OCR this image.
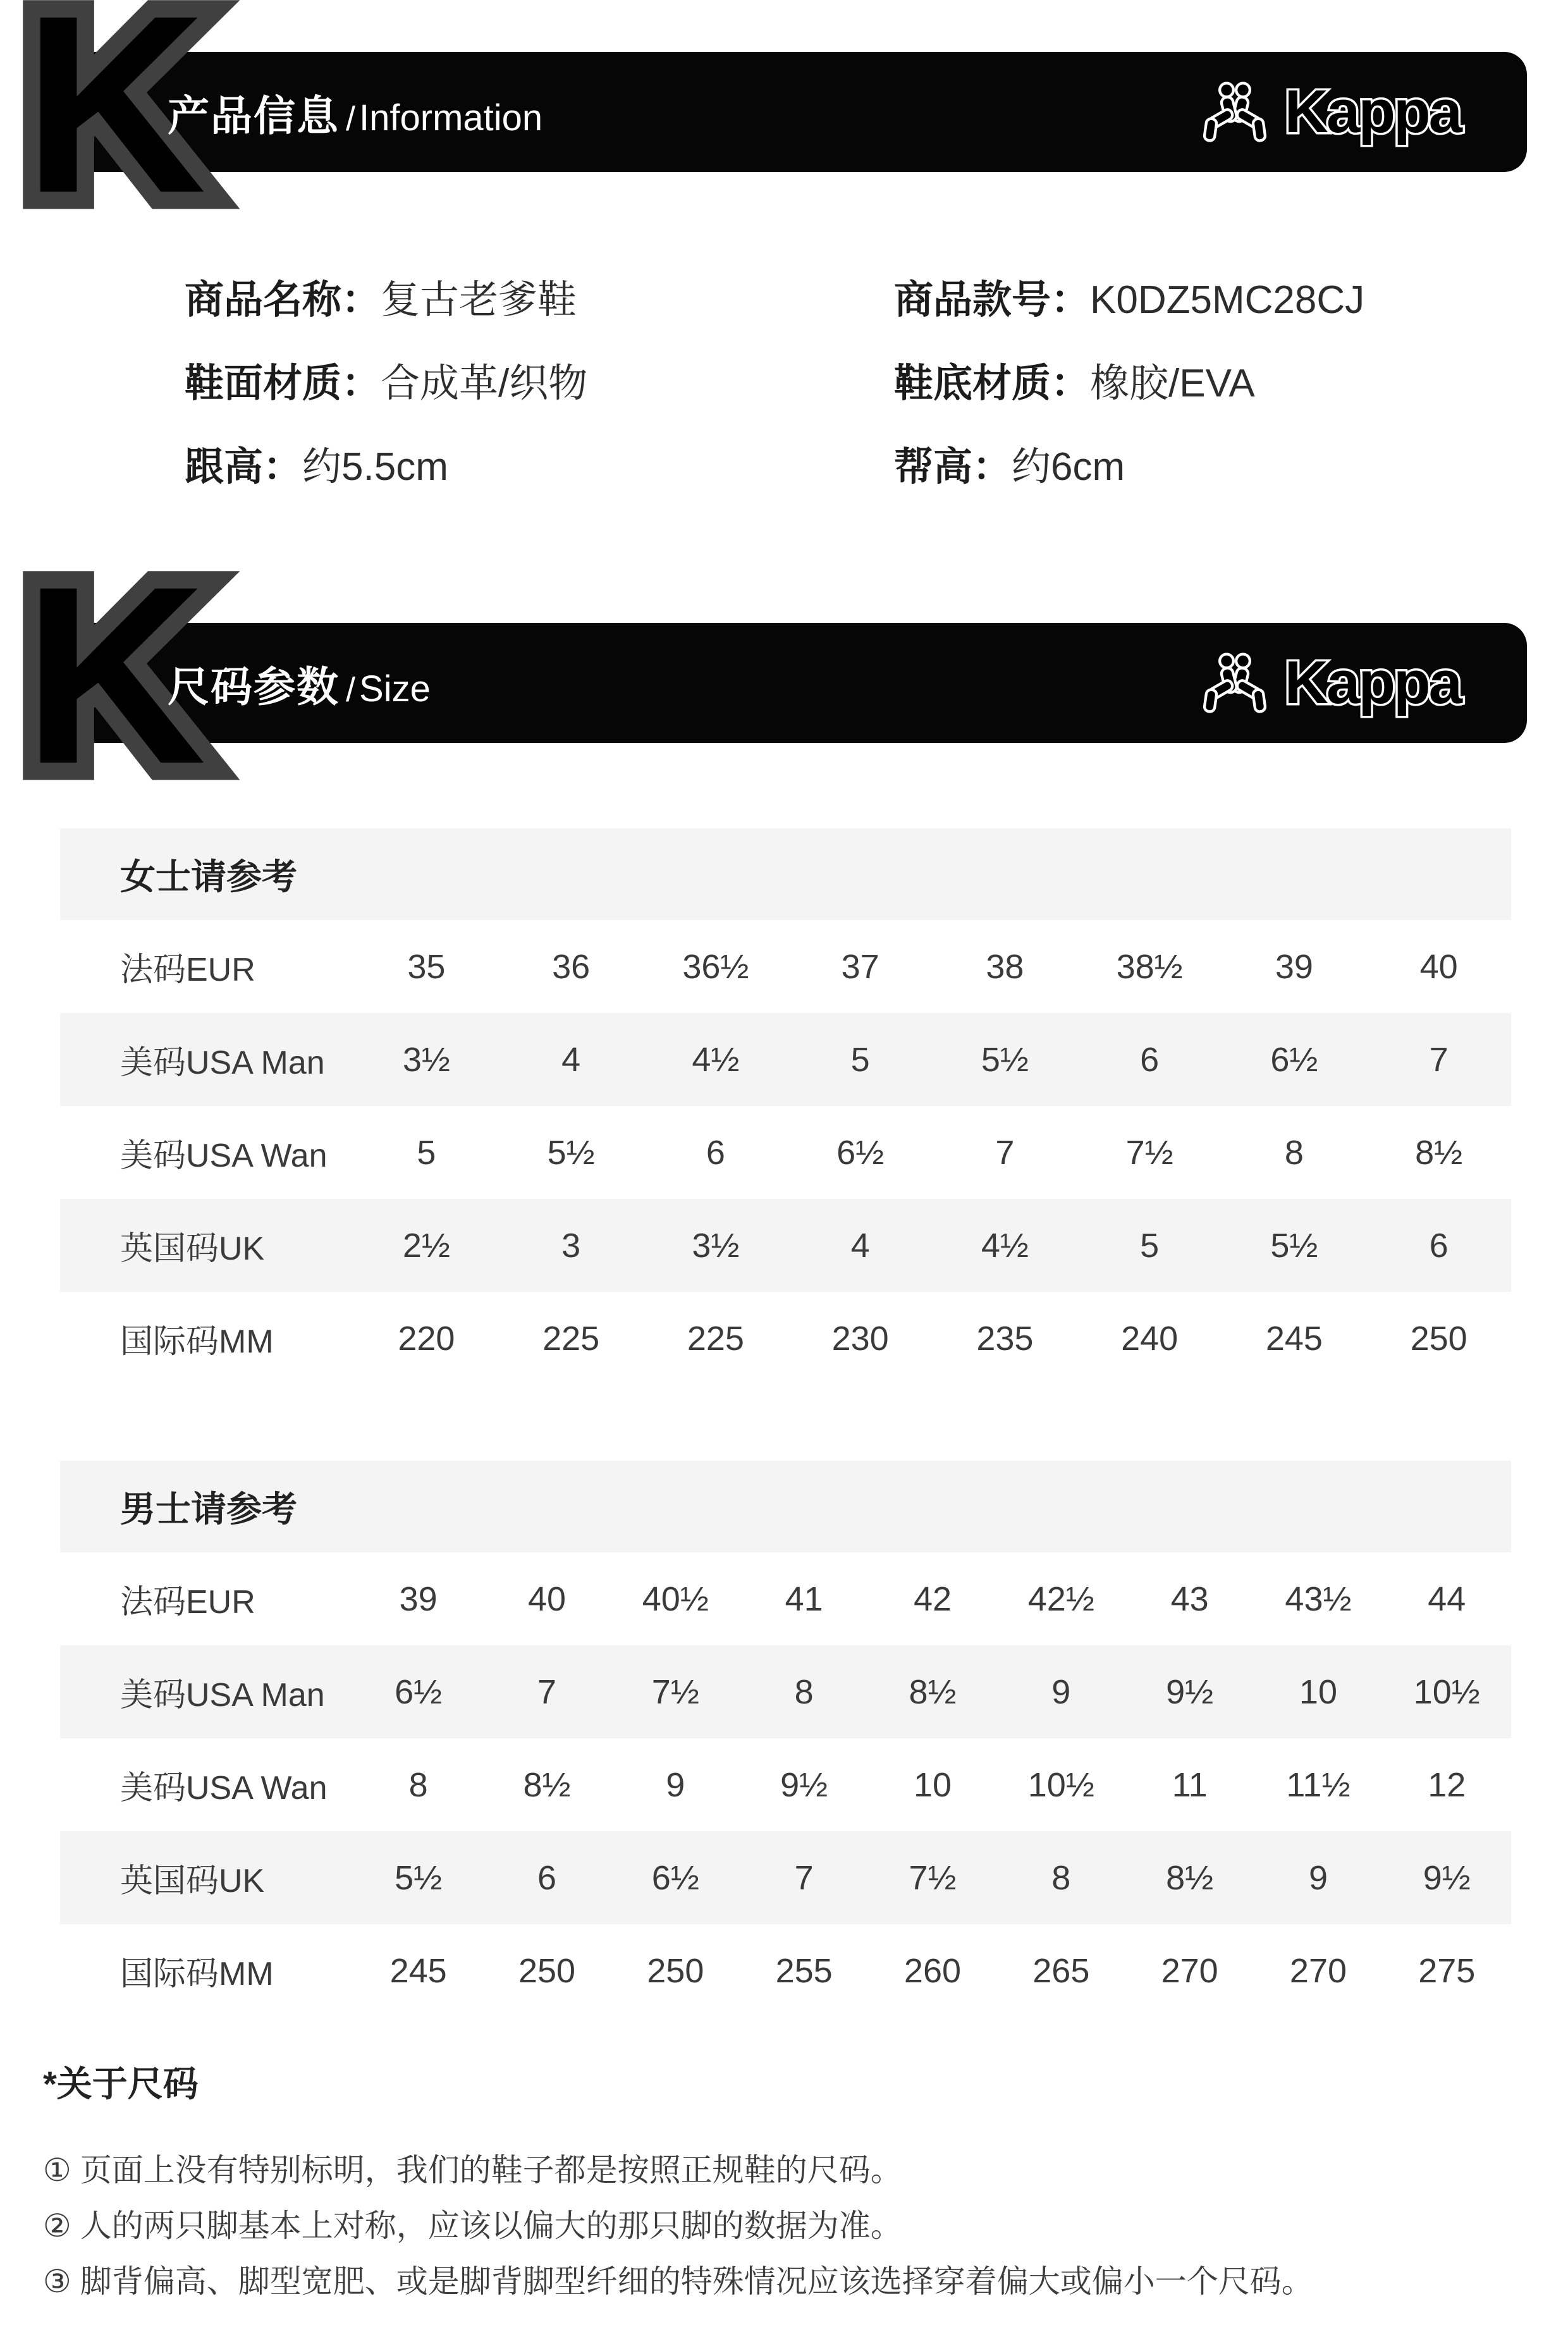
K
产品信息 / Information	Kappa
商品名称：复古老爹鞋	商品款号：K0DZ5MC28CJ
鞋面材质：合成革/织物	鞋底材质：橡胶/EVA
跟高：约5.5cm	帮高：约6cm
K
尺码参数 / Size	Kappa
女士请参考
法码EUR	35	36	36½	37	38	38½	39	40
美码USA Man	3½	4	4½	5	5½	6	6½	7
美码USA Wan	5	5½	6	6½	7	7½	8	8½
英国码UK	2½	3	3½	4	4½	5	5½	6
国际码MM	220	225	225	230	235	240	245	250
男士请参考
法码EUR	39	40	40½	41	42	42½	43	43½	44
美码USA Man	6½	7	7½	8	8½	9	9½	10	10½
美码USA Wan	8	8½	9	9½	10	10½	11	11½	12
英国码UK	5½	6	6½	7	7½	8	8½	9	9½
国际码MM	245	250	250	255	260	265	270	270	275
*关于尺码
① 页面上没有特别标明，我们的鞋子都是按照正规鞋的尺码。
② 人的两只脚基本上对称，应该以偏大的那只脚的数据为准。
③ 脚背偏高、脚型宽肥、或是脚背脚型纤细的特殊情况应该选择穿着偏大或偏小一个尺码。
